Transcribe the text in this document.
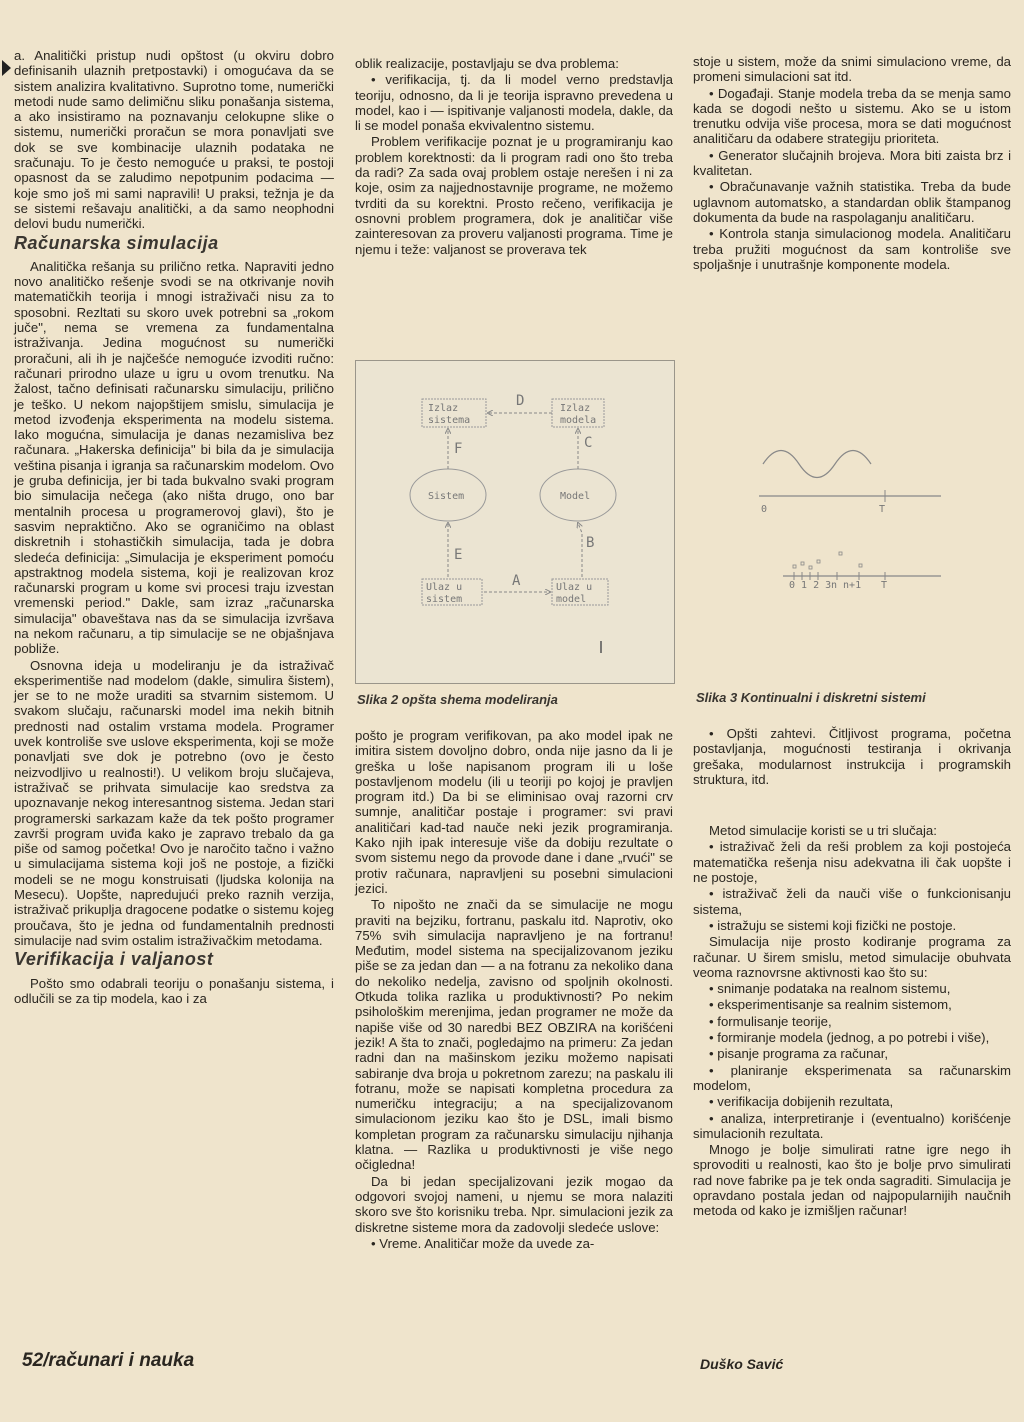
a. Analitički pristup nudi opštost (u okviru dobro definisanih ulaznih pretpostavki) i omogućava da se sistem analizira kvalitativno. Suprotno tome, numerički metodi nude samo delimičnu sliku ponašanja sistema, a ako insistiramo na poznavanju celokupne slike o sistemu, numerički proračun se mora ponavljati sve dok se sve kombinacije ulaznih podataka ne sračunaju. To je često nemoguće u praksi, te postoji opasnost da se zaludimo nepotpunim podacima — koje smo još mi sami napravili! U praksi, težnja je da se sistemi rešavaju analitički, a da samo neophodni delovi budu numerički.

Računarska simulacija

Analitička rešanja su prilično retka. Napraviti jedno novo analitičko rešenje svodi se na otkrivanje novih matematičkih teorija i mnogi istraživači nisu za to sposobni. Rezltati su skoro uvek potrebni sa „rokom juče", nema se vremena za fundamentalna istraživanja. Jedina mogućnost su numerički proračuni, ali ih je najčešće nemoguće izvoditi ručno: računari prirodno ulaze u igru u ovom trenutku. Na žalost, tačno definisati računarsku simulaciju, prilično je teško. U nekom najopštijem smislu, simulacija je metod izvođenja eksperimenta na modelu sistema. Iako mogućna, simulacija je danas nezamisliva bez računara. „Hakerska definicija" bi bila da je simulacija veština pisanja i igranja sa računarskim modelom. Ovo je gruba definicija, jer bi tada bukvalno svaki program bio simulacija nečega (ako ništa drugo, ono bar mentalnih procesa u programerovoj glavi), što je sasvim nepraktično. Ako se ograničimo na oblast diskretnih i stohastičkih simulacija, tada je dobra sledeća definicija: „Simulacija je eksperiment pomoću apstraktnog modela sistema, koji je realizovan kroz računarski program u kome svi procesi traju izvestan vremenski period." Dakle, sam izraz „računarska simulacija" obaveštava nas da se simulacija izvršava na nekom računaru, a tip simulacije se ne objašnjava pobliže.

Osnovna ideja u modeliranju je da istraživač eksperimentiše nad modelom (dakle, simulira šistem), jer se to ne može uraditi sa stvarnim sistemom. U svakom slučaju, računarski model ima nekih bitnih prednosti nad ostalim vrstama modela. Programer uvek kontroliše sve uslove eksperimenta, koji se može ponavljati sve dok je potrebno (ovo je često neizvodljivo u realnosti!). U velikom broju slučajeva, istraživač se prihvata simulacije kao sredstva za upoznavanje nekog interesantnog sistema. Jedan stari programerski sarkazam kaže da tek pošto programer završi program uviđa kako je zapravo trebalo da ga piše od samog početka! Ovo je naročito tačno i važno u simulacijama sistema koji još ne postoje, a fizički modeli se ne mogu konstruisati (ljudska kolonija na Mesecu). Uopšte, napredujući preko raznih verzija, istraživač prikuplja dragocene podatke o sistemu kojeg proučava, što je jedna od fundamentalnih prednosti simulacije nad svim ostalim istraživačkim metodama.

Verifikacija i valjanost

Pošto smo odabrali teoriju o ponašanju sistema, i odlučili se za tip modela, kao i za

oblik realizacije, postavljaju se dva problema:

• verifikacija, tj. da li model verno predstavlja teoriju, odnosno, da li je teorija ispravno prevedena u model, kao i — ispitivanje valjanosti modela, dakle, da li se model ponaša ekvivalentno sistemu.

Problem verifikacije poznat je u programiranju kao problem korektnosti: da li program radi ono što treba da radi? Za sada ovaj problem ostaje nerešen i ni za koje, osim za najjednostavnije programe, ne možemo tvrditi da su korektni. Prosto rečeno, verifikacija je osnovni problem programera, dok je analitičar više zainteresovan za proveru valjanosti programa. Time je njemu i teže: valjanost se proverava tek

stoje u sistem, može da snimi simulaciono vreme, da promeni simulacioni sat itd.

• Događaji. Stanje modela treba da se menja samo kada se dogodi nešto u sistemu. Ako se u istom trenutku odvija više procesa, mora se dati mogućnost analitičaru da odabere strategiju prioriteta.

• Generator slučajnih brojeva. Mora biti zaista brz i kvalitetan.

• Obračunavanje važnih statistika. Treba da bude uglavnom automatsko, a standardan oblik štampanog dokumenta da bude na raspolaganju analitičaru.

• Kontrola stanja simulacionog modela. Analitičaru treba pružiti mogućnost da sam kontroliše sve spoljašnje i unutrašnje komponente modela.

Izlaz
sistema
Izlaz
modela
D
Sistem	Model
F	C
Ulaz u
sistem
Ulaz u
model
E
A
B
0	T
0 1 2 3 n n+1 T
Slika 2 opšta shema modeliranja	Slika 3 Kontinualni i diskretni sistemi

pošto je program verifikovan, pa ako model ipak ne imitira sistem dovoljno dobro, onda nije jasno da li je greška u loše napisanom program ili u loše postavljenom modelu (ili u teoriji po kojoj je pravljen program itd.) Da bi se eliminisao ovaj razorni crv sumnje, analitičar postaje i programer: svi pravi analitičari kad-tad nauče neki jezik programiranja. Kako njih ipak interesuje više da dobiju rezultate o svom sistemu nego da provode dane i dane „rvući" se protiv računara, napravljeni su posebni simulacioni jezici.

To nipošto ne znači da se simulacije ne mogu praviti na bejziku, fortranu, paskalu itd. Naprotiv, oko 75% svih simulacija napravljeno je na fortranu! Međutim, model sistema na specijalizovanom jeziku piše se za jedan dan — a na fotranu za nekoliko dana do nekoliko nedelja, zavisno od spoljnih okolnosti. Otkuda tolika razlika u produktivnosti? Po nekim psihološkim merenjima, jedan programer ne može da napiše više od 30 naredbi BEZ OBZIRA na korišćeni jezik! A šta to znači, pogledajmo na primeru: Za jedan radni dan na mašinskom jeziku možemo napisati sabiranje dva broja u pokretnom zarezu; na paskalu ili fotranu, može se napisati kompletna procedura za numeričku integraciju; a na specijalizovanom simulacionom jeziku kao što je DSL, imali bismo kompletan program za računarsku simulaciju njihanja klatna. — Razlika u produktivnosti je više nego očigledna!

Da bi jedan specijalizovani jezik mogao da odgovori svojoj nameni, u njemu se mora nalaziti skoro sve što korisniku treba. Npr. simulacioni jezik za diskretne sisteme mora da zadovolji sledeće uslove:

• Vreme. Analitičar može da uvede za-

• Opšti zahtevi. Čitljivost programa, početna postavljanja, mogućnosti testiranja i okrivanja grešaka, modularnost instrukcija i programskih struktura, itd.

Metod simulacije koristi se u tri slučaja:

• istraživač želi da reši problem za koji postojeća matematička rešenja nisu adekvatna ili čak uopšte i ne postoje,

• istraživač želi da nauči više o funkcionisanju sistema,

• istražuju se sistemi koji fizički ne postoje.

Simulacija nije prosto kodiranje programa za računar. U širem smislu, metod simulacije obuhvata veoma raznovrsne aktivnosti kao što su:

• snimanje podataka na realnom sistemu,

• eksperimentisanje sa realnim sistemom,

• formulisanje teorije,

• formiranje modela (jednog, a po potrebi i više),

• pisanje programa za računar,

• planiranje eksperimenata sa računarskim modelom,

• verifikacija dobijenih rezultata,

• analiza, interpretiranje i (eventualno) korišćenje simulacionih rezultata.

Mnogo je bolje simulirati ratne igre nego ih sprovoditi u realnosti, kao što je bolje prvo simulirati rad nove fabrike pa je tek onda sagraditi. Simulacija je opravdano postala jedan od najpopularnijih naučnih metoda od kako je izmišljen računar!

52/računari i nauka	Duško Savić
